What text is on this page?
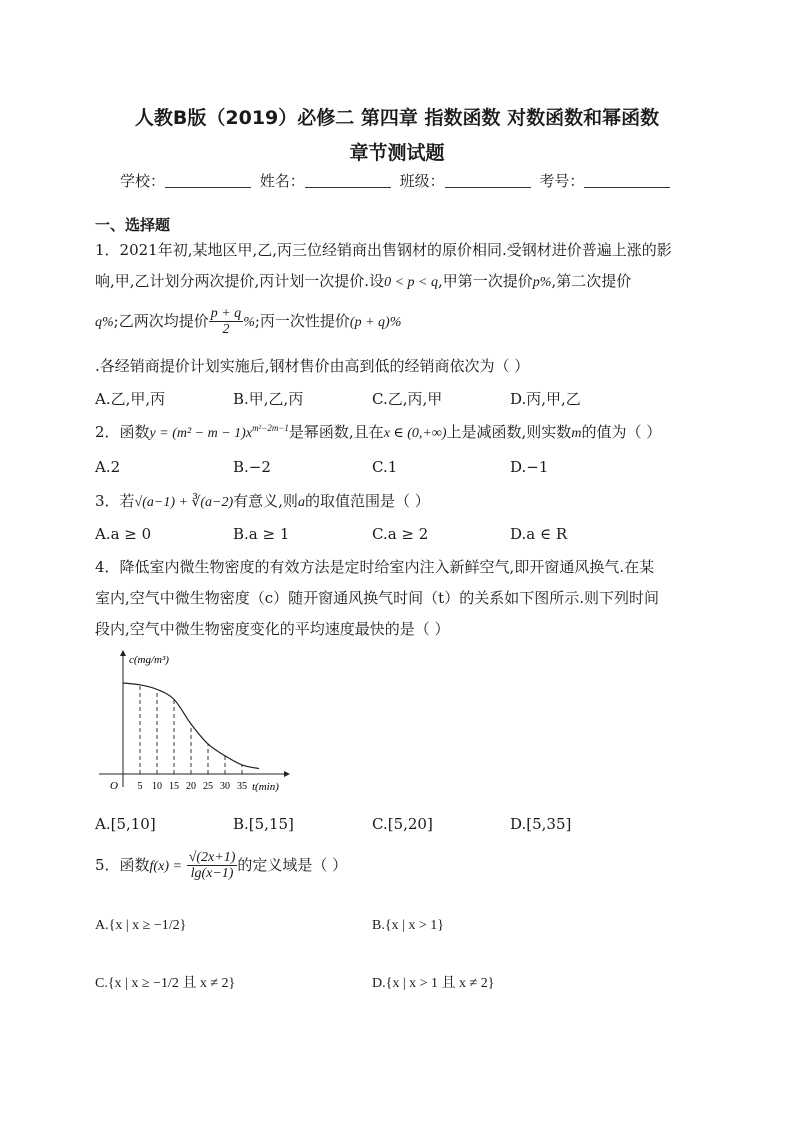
人教B版（2019）必修二 第四章 指数函数 对数函数和幂函数
章节测试题
学校：	姓名：	班级：	考号：
一、选择题
1．2021年初,某地区甲,乙,丙三位经销商出售钢材的原价相同.受钢材进价普遍上涨的影
响,甲,乙计划分两次提价,丙计划一次提价.设0 < p < q,甲第一次提价p%,第二次提价
q%;乙两次均提价 $\frac{p + q}{2}$ %;丙一次性提价(p + q)%
.各经销商提价计划实施后,钢材售价由高到低的经销商依次为（ ）
A.乙,甲,丙	B.甲,乙,丙	C.乙,丙,甲	D.丙,甲,乙
2．函数$y = (m^2 - m - 1)x^{m^2-2m-1}$是幂函数,且在x ∈ (0,+∞)上是减函数,则实数m的值为（ ）
A.2	B.−2	C.1	D.−1
3．若√(a−1) + ∛(a−2)有意义,则a的取值范围是（ ）
A.a ≥ 0	B.a ≥ 1	C.a ≥ 2	D.a ∈ R
4．降低室内微生物密度的有效方法是定时给室内注入新鲜空气,即开窗通风换气.在某
室内,空气中微生物密度（c）随开窗通风换气时间（t）的关系如下图所示.则下列时间
段内,空气中微生物密度变化的平均速度最快的是（ ）
c(mg/m³)
t(min)
O 5 10 15 20 25 30 35
A.[5,10]	B.[5,15]	C.[5,20]	D.[5,35]
5．函数$f(x) = \frac{√(2x+1)}{\lg(x-1)}$ 的定义域是（ ）
A.{x | x ≥ −1/2}	B.{x | x > 1}
C.{x | x ≥ −1/2 且 x ≠ 2}	D.{x | x > 1 且 x ≠ 2}
